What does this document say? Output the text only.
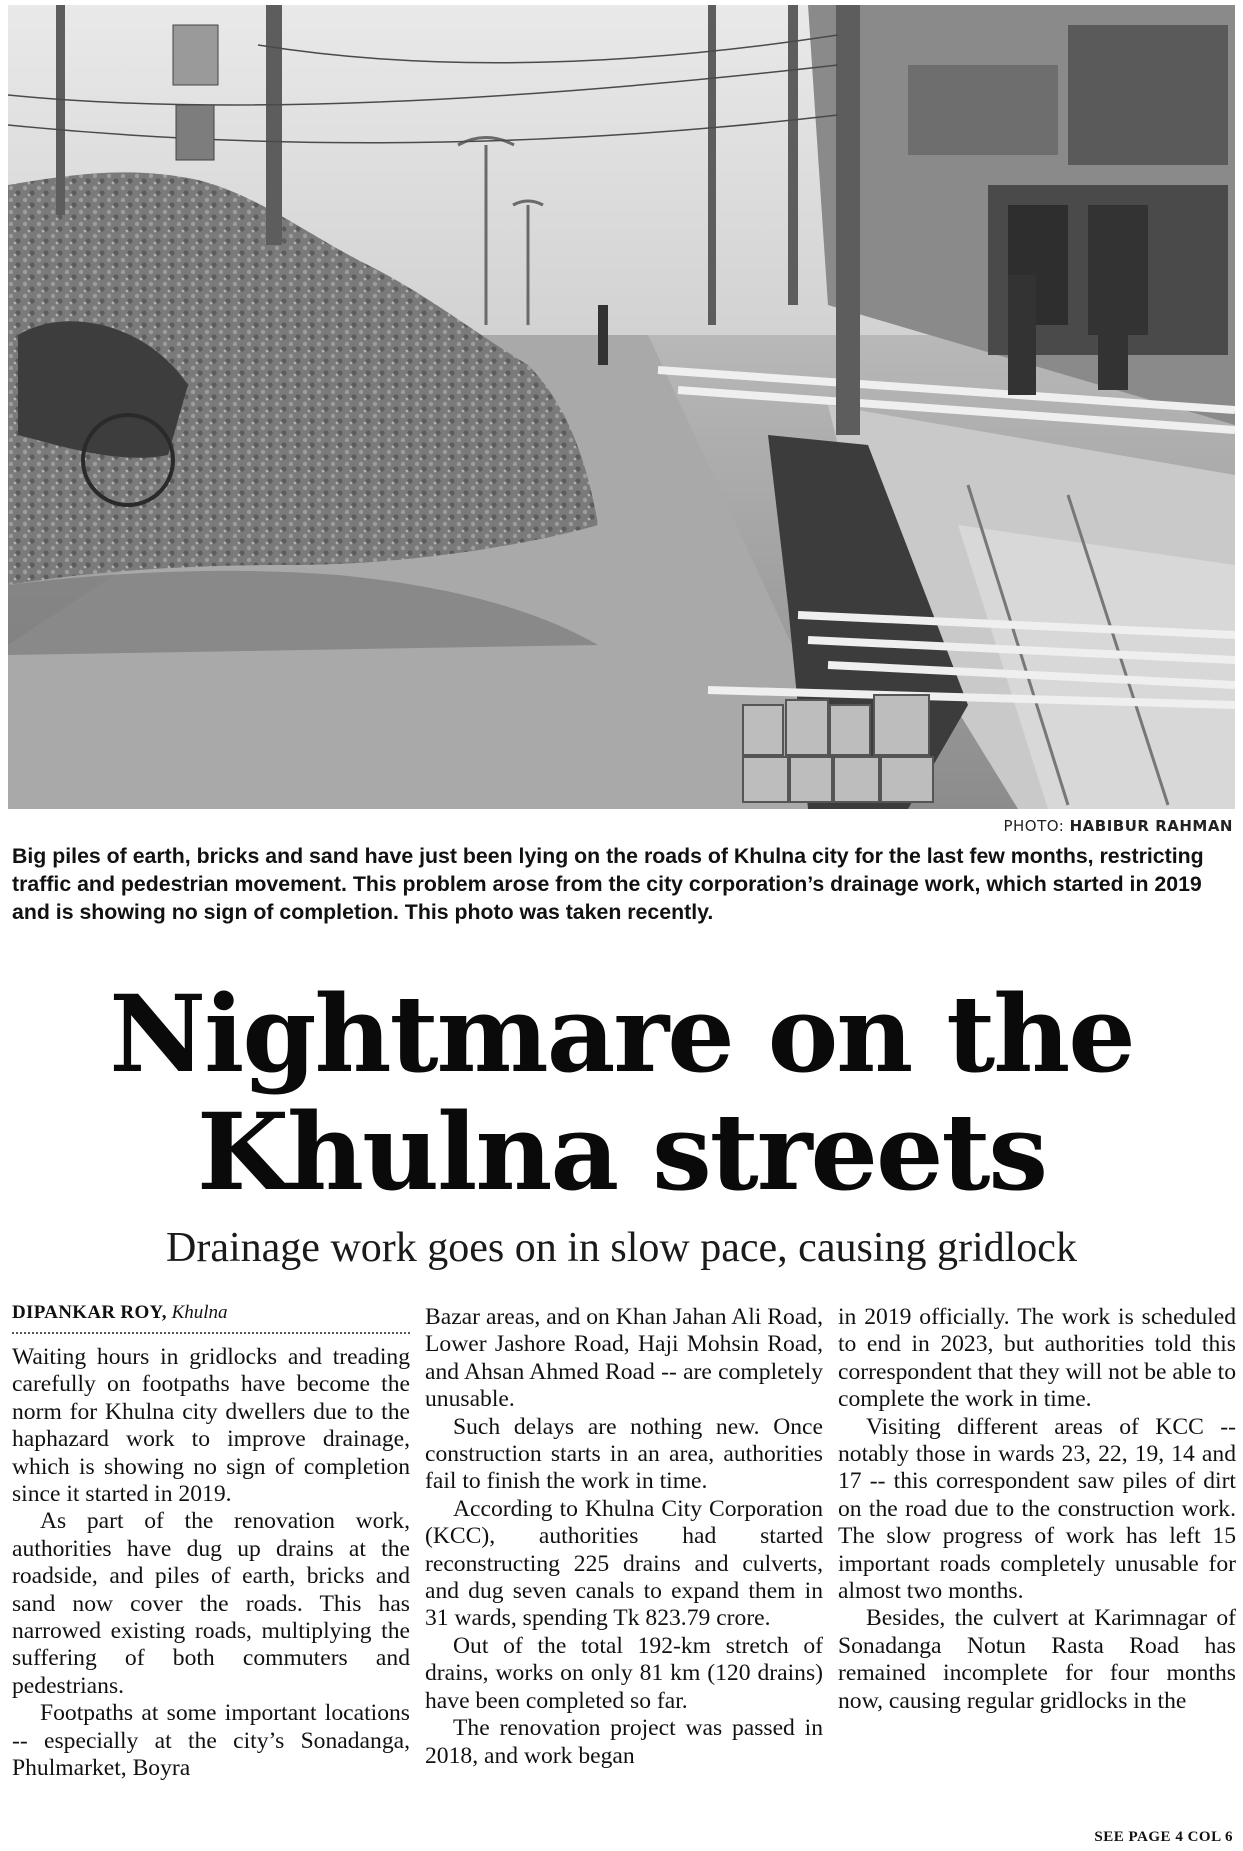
PHOTO: HABIBUR RAHMAN
Big piles of earth, bricks and sand have just been lying on the roads of Khulna city for the last few months, restricting traffic and pedestrian movement. This problem arose from the city corporation’s drainage work, which started in 2019 and is showing no sign of completion. This photo was taken recently.
Nightmare on the
Khulna streets
Drainage work goes on in slow pace, causing gridlock
DIPANKAR ROY, Khulna

Waiting hours in gridlocks and treading carefully on footpaths have become the norm for Khulna city dwellers due to the haphazard work to improve drainage, which is showing no sign of completion since it started in 2019.

As part of the renovation work, authorities have dug up drains at the roadside, and piles of earth, bricks and sand now cover the roads. This has narrowed existing roads, multiplying the suffering of both commuters and pedestrians.

Footpaths at some important locations -- especially at the city’s Sonadanga, Phulmarket, Boyra

Bazar areas, and on Khan Jahan Ali Road, Lower Jashore Road, Haji Mohsin Road, and Ahsan Ahmed Road -- are completely unusable.

Such delays are nothing new. Once construction starts in an area, authorities fail to finish the work in time.

According to Khulna City Corporation (KCC), authorities had started reconstructing 225 drains and culverts, and dug seven canals to expand them in 31 wards, spending Tk 823.79 crore.

Out of the total 192-km stretch of drains, works on only 81 km (120 drains) have been completed so far.

The renovation project was passed in 2018, and work began

in 2019 officially. The work is scheduled to end in 2023, but authorities told this correspondent that they will not be able to complete the work in time.

Visiting different areas of KCC -- notably those in wards 23, 22, 19, 14 and 17 -- this correspondent saw piles of dirt on the road due to the construction work. The slow progress of work has left 15 important roads completely unusable for almost two months.

Besides, the culvert at Karimnagar of Sonadanga Notun Rasta Road has remained incomplete for four months now, causing regular gridlocks in the

SEE PAGE 4 COL 6
